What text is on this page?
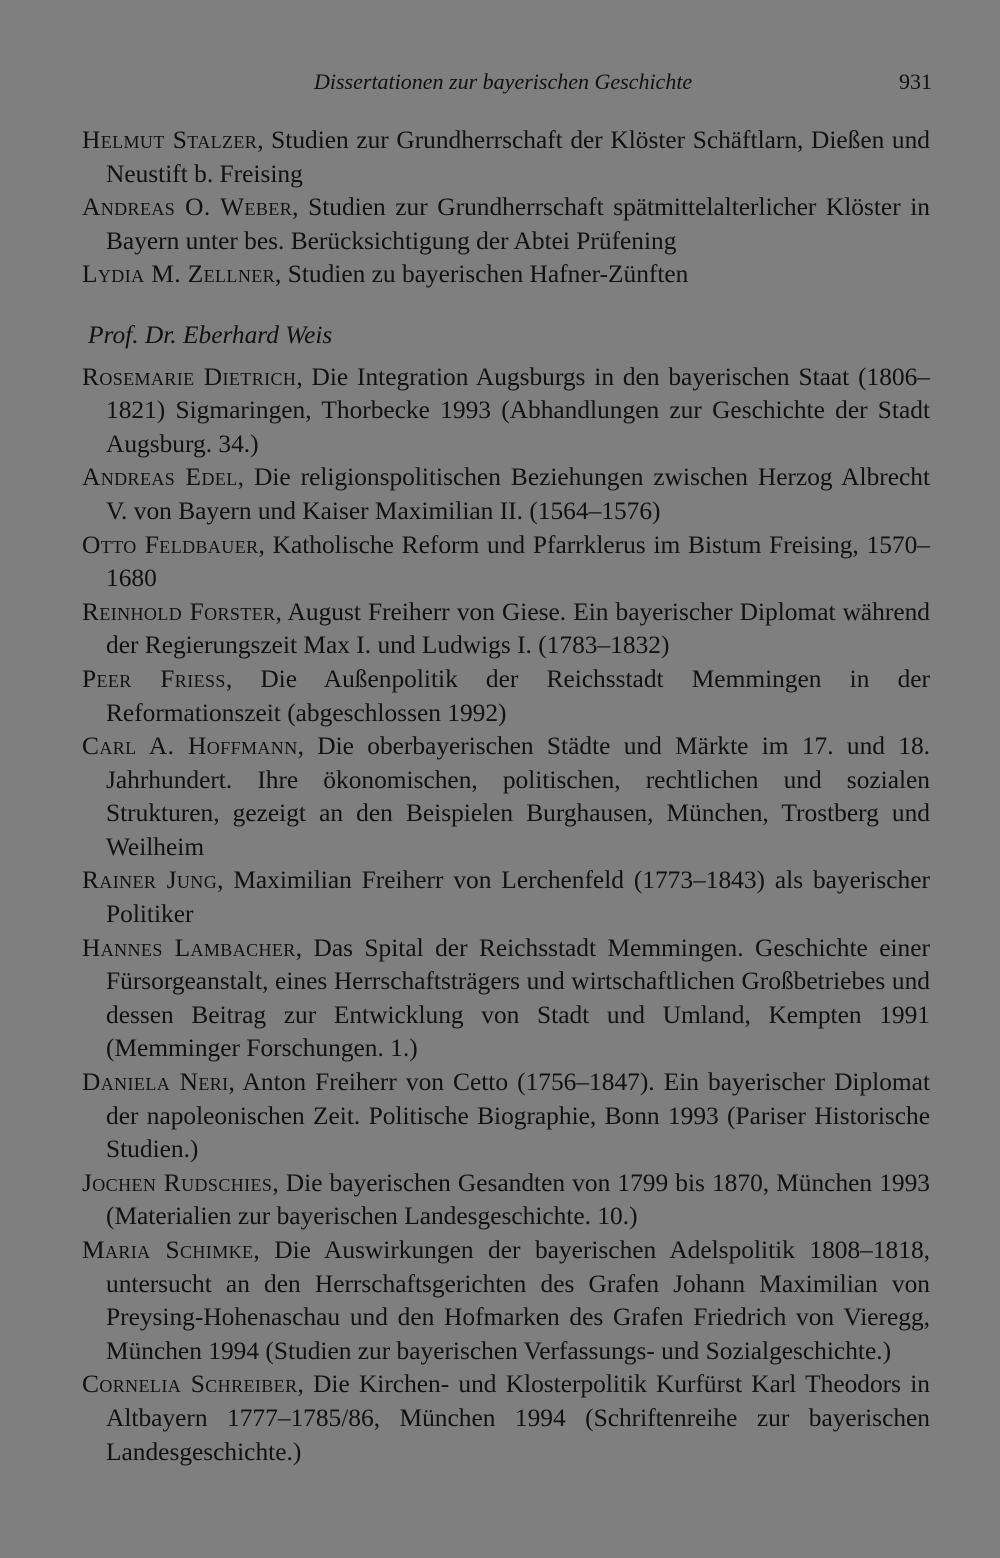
Dissertationen zur bayerischen Geschichte	931

Helmut Stalzer, Studien zur Grundherrschaft der Klöster Schäftlarn, Dießen und Neustift b. Freising

Andreas O. Weber, Studien zur Grundherrschaft spätmittelalterlicher Klöster in Bayern unter bes. Berücksichtigung der Abtei Prüfening

Lydia M. Zellner, Studien zu bayerischen Hafner-Zünften

Prof. Dr. Eberhard Weis

Rosemarie Dietrich, Die Integration Augsburgs in den bayerischen Staat (1806–1821) Sigmaringen, Thorbecke 1993 (Abhandlungen zur Geschichte der Stadt Augsburg. 34.)

Andreas Edel, Die religionspolitischen Beziehungen zwischen Herzog Albrecht V. von Bayern und Kaiser Maximilian II. (1564–1576)

Otto Feldbauer, Katholische Reform und Pfarrklerus im Bistum Freising, 1570–1680

Reinhold Forster, August Freiherr von Giese. Ein bayerischer Diplomat während der Regierungszeit Max I. und Ludwigs I. (1783–1832)

Peer Friess, Die Außenpolitik der Reichsstadt Memmingen in der Reformationszeit (abgeschlossen 1992)

Carl A. Hoffmann, Die oberbayerischen Städte und Märkte im 17. und 18. Jahrhundert. Ihre ökonomischen, politischen, rechtlichen und sozialen Strukturen, gezeigt an den Beispielen Burghausen, München, Trostberg und Weilheim

Rainer Jung, Maximilian Freiherr von Lerchenfeld (1773–1843) als bayerischer Politiker

Hannes Lambacher, Das Spital der Reichsstadt Memmingen. Geschichte einer Fürsorgeanstalt, eines Herrschaftsträgers und wirtschaftlichen Großbetriebes und dessen Beitrag zur Entwicklung von Stadt und Umland, Kempten 1991 (Memminger Forschungen. 1.)

Daniela Neri, Anton Freiherr von Cetto (1756–1847). Ein bayerischer Diplomat der napoleonischen Zeit. Politische Biographie, Bonn 1993 (Pariser Historische Studien.)

Jochen Rudschies, Die bayerischen Gesandten von 1799 bis 1870, München 1993 (Materialien zur bayerischen Landesgeschichte. 10.)

Maria Schimke, Die Auswirkungen der bayerischen Adelspolitik 1808–1818, untersucht an den Herrschaftsgerichten des Grafen Johann Maximilian von Preysing-Hohenaschau und den Hofmarken des Grafen Friedrich von Vieregg, München 1994 (Studien zur bayerischen Verfassungs- und Sozialgeschichte.)

Cornelia Schreiber, Die Kirchen- und Klosterpolitik Kurfürst Karl Theodors in Altbayern 1777–1785/86, München 1994 (Schriftenreihe zur bayerischen Landesgeschichte.)
